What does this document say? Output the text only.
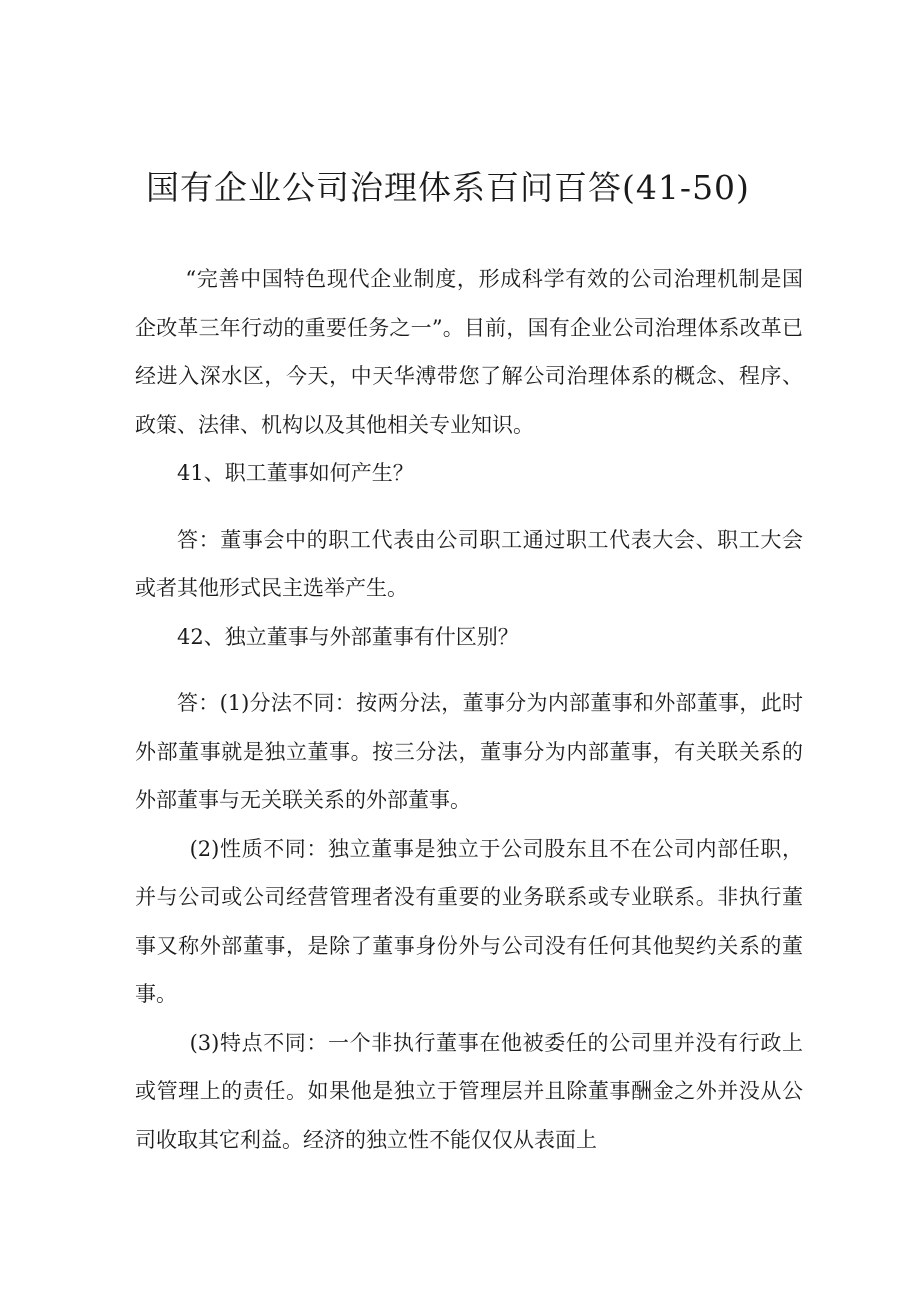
国有企业公司治理体系百问百答(41-50)

“完善中国特色现代企业制度，形成科学有效的公司治理机制是国企改革三年行动的重要任务之一”。目前，国有企业公司治理体系改革已经进入深水区，今天，中天华溥带您了解公司治理体系的概念、程序、政策、法律、机构以及其他相关专业知识。

41、职工董事如何产生？

答：董事会中的职工代表由公司职工通过职工代表大会、职工大会或者其他形式民主选举产生。

42、独立董事与外部董事有什区别？

答：(1)分法不同：按两分法，董事分为内部董事和外部董事，此时外部董事就是独立董事。按三分法，董事分为内部董事，有关联关系的外部董事与无关联关系的外部董事。

(2)性质不同：独立董事是独立于公司股东且不在公司内部任职，并与公司或公司经营管理者没有重要的业务联系或专业联系。非执行董事又称外部董事，是除了董事身份外与公司没有任何其他契约关系的董事。

(3)特点不同：一个非执行董事在他被委任的公司里并没有行政上或管理上的责任。如果他是独立于管理层并且除董事酬金之外并没从公司收取其它利益。经济的独立性不能仅仅从表面上
